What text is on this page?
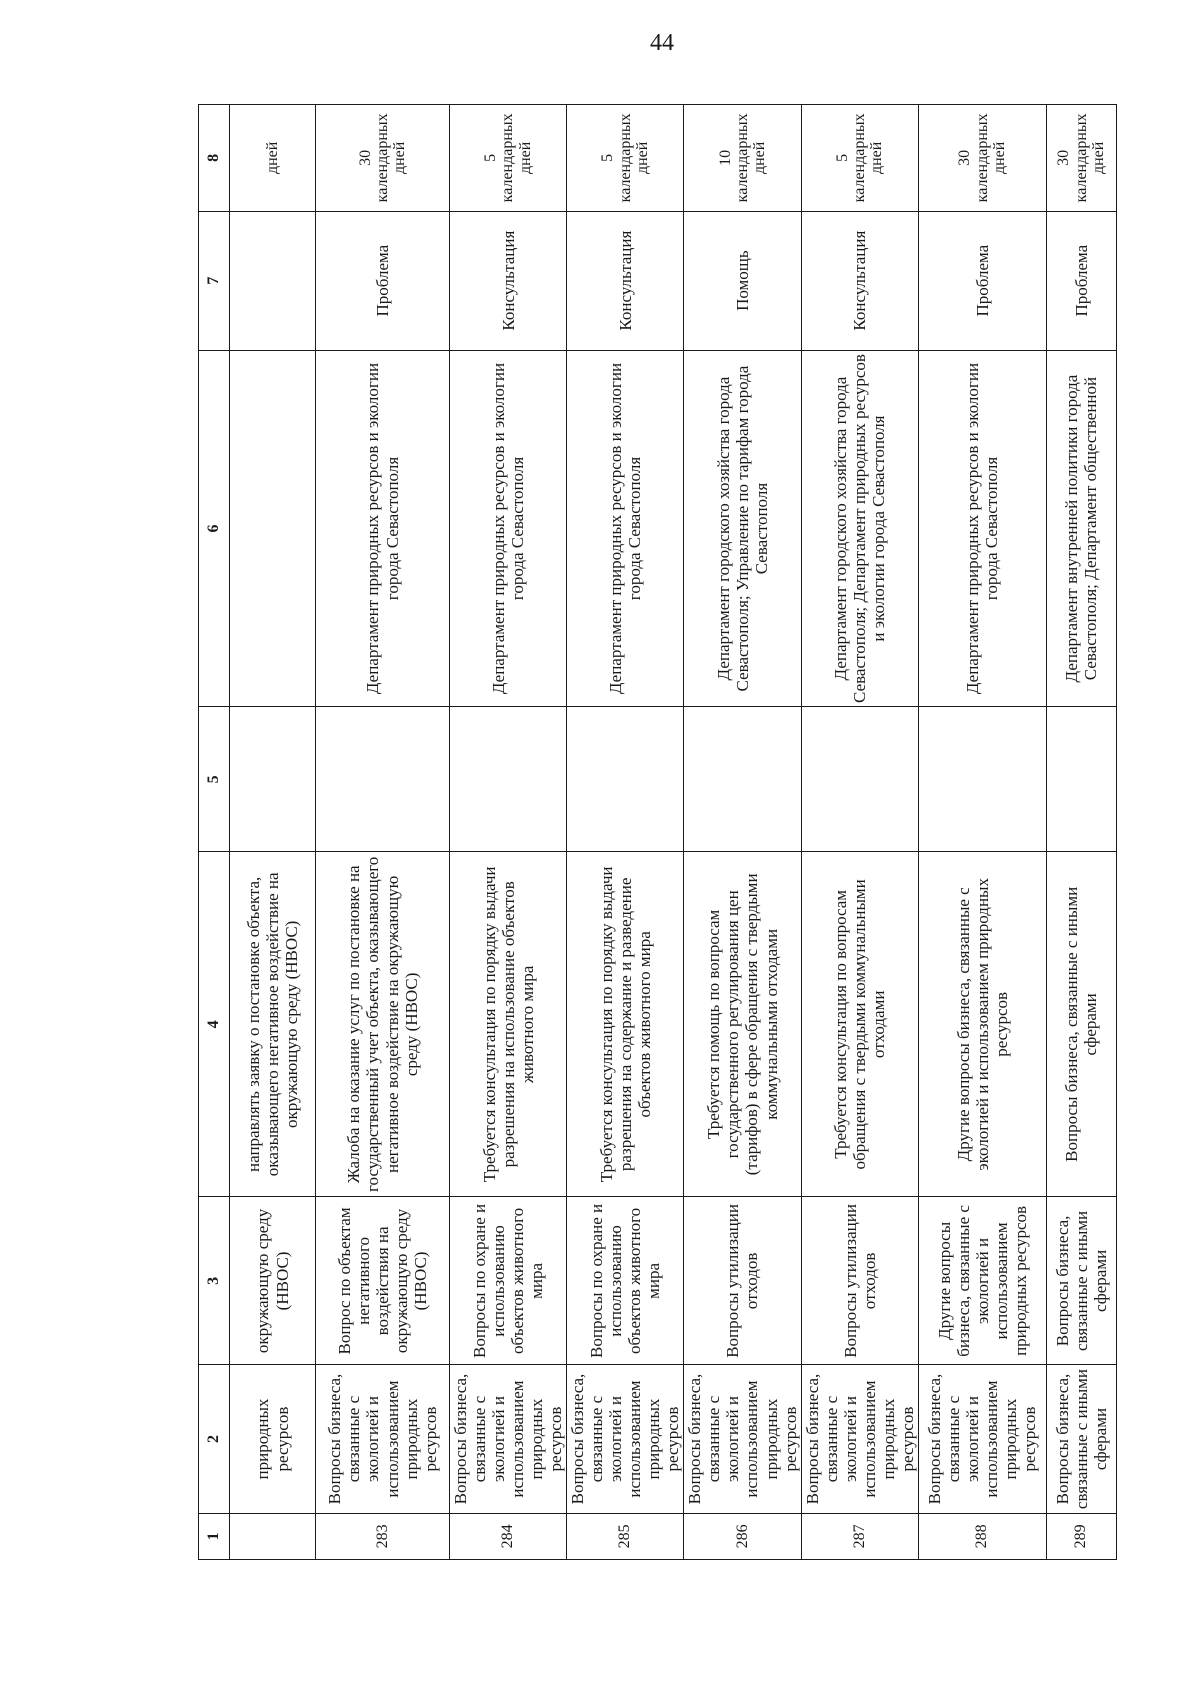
44
1	2	3	4	5	6	7	8
	природных ресурсов	окружающую среду (НВОС)	направлять заявку о постановке объекта, оказывающего негативное воздействие на окружающую среду (НВОС)				дней
283	Вопросы бизнеса, связанные с экологией и использованием природных ресурсов	Вопрос по объектам негативного воздействия на окружающую среду (НВОС)	Жалоба на оказание услуг по постановке на государственный учет объекта, оказывающего негативное воздействие на окружающую среду (НВОС)		Департамент природных ресурсов и экологии города Севастополя	Проблема	30 календарных дней
284	Вопросы бизнеса, связанные с экологией и использованием природных ресурсов	Вопросы по охране и использованию объектов животного мира	Требуется консультация по порядку выдачи разрешения на использование объектов животного мира		Департамент природных ресурсов и экологии города Севастополя	Консультация	5 календарных дней
285	Вопросы бизнеса, связанные с экологией и использованием природных ресурсов	Вопросы по охране и использованию объектов животного мира	Требуется консультация по порядку выдачи разрешения на содержание и разведение объектов животного мира		Департамент природных ресурсов и экологии города Севастополя	Консультация	5 календарных дней
286	Вопросы бизнеса, связанные с экологией и использованием природных ресурсов	Вопросы утилизации отходов	Требуется помощь по вопросам государственного регулирования цен (тарифов) в сфере обращения с твердыми коммунальными отходами		Департамент городского хозяйства города Севастополя; Управление по тарифам города Севастополя	Помощь	10 календарных дней
287	Вопросы бизнеса, связанные с экологией и использованием природных ресурсов	Вопросы утилизации отходов	Требуется консультация по вопросам обращения с твердыми коммунальными отходами		Департамент городского хозяйства города Севастополя; Департамент природных ресурсов и экологии города Севастополя	Консультация	5 календарных дней
288	Вопросы бизнеса, связанные с экологией и использованием природных ресурсов	Другие вопросы бизнеса, связанные с экологией и использованием природных ресурсов	Другие вопросы бизнеса, связанные с экологией и использованием природных ресурсов		Департамент природных ресурсов и экологии города Севастополя	Проблема	30 календарных дней
289	Вопросы бизнеса, связанные с иными сферами	Вопросы бизнеса, связанные с иными сферами	Вопросы бизнеса, связанные с иными сферами		Департамент внутренней политики города Севастополя; Департамент общественной	Проблема	30 календарных дней
